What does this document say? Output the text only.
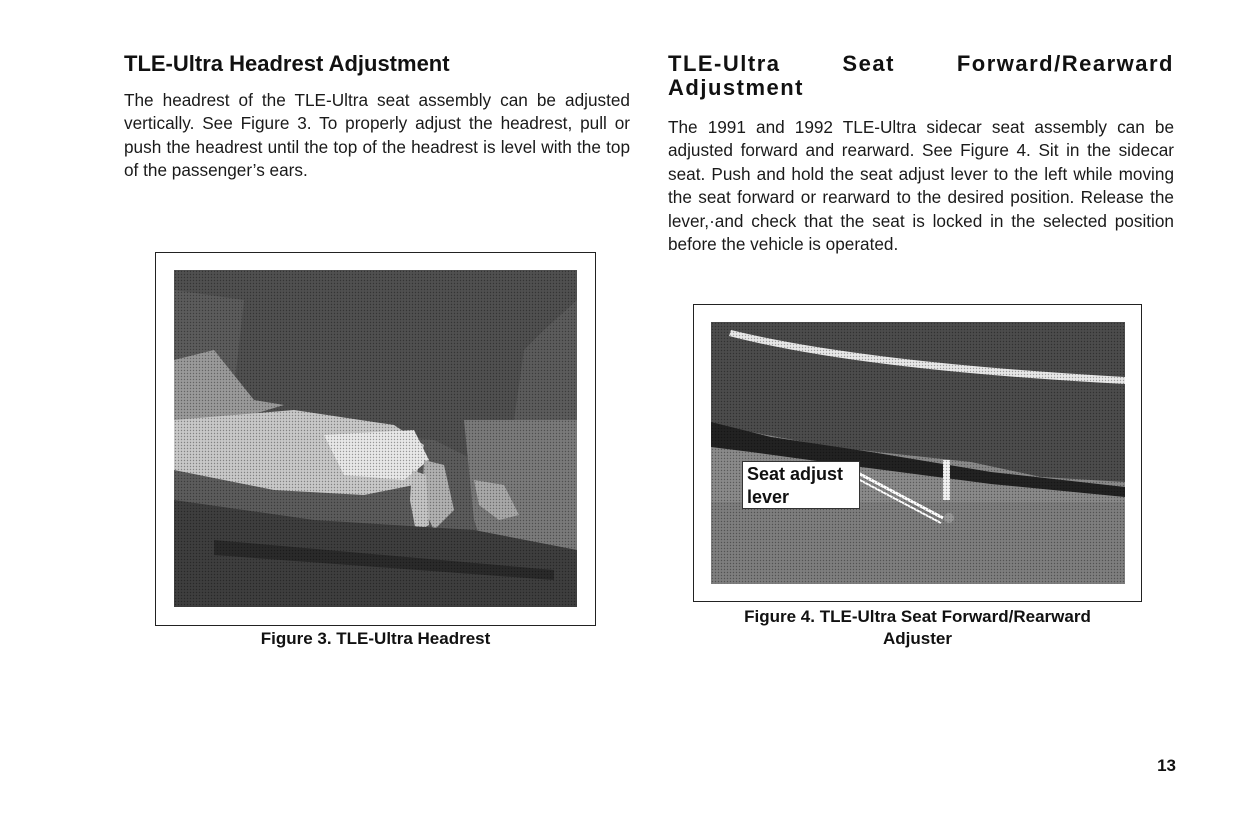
TLE-Ultra Headrest Adjustment

The headrest of the TLE-Ultra seat assembly can be adjusted vertically. See Figure 3. To properly adjust the headrest, pull or push the headrest until the top of the headrest is level with the top of the passenger’s ears.

TLE-Ultra Seat Forward/Rearward Adjustment

The 1991 and 1992 TLE-Ultra sidecar seat assembly can be adjusted forward and rearward. See Figure 4. Sit in the sidecar seat. Push and hold the seat adjust lever to the left while moving the seat forward or rearward to the desired position. Release the lever,·and check that the seat is locked in the selected position before the vehicle is operated.

Figure 3. TLE-Ultra Headrest
Seat adjust
lever
Figure 4. TLE-Ultra Seat Forward/Rearward
Adjuster
13
